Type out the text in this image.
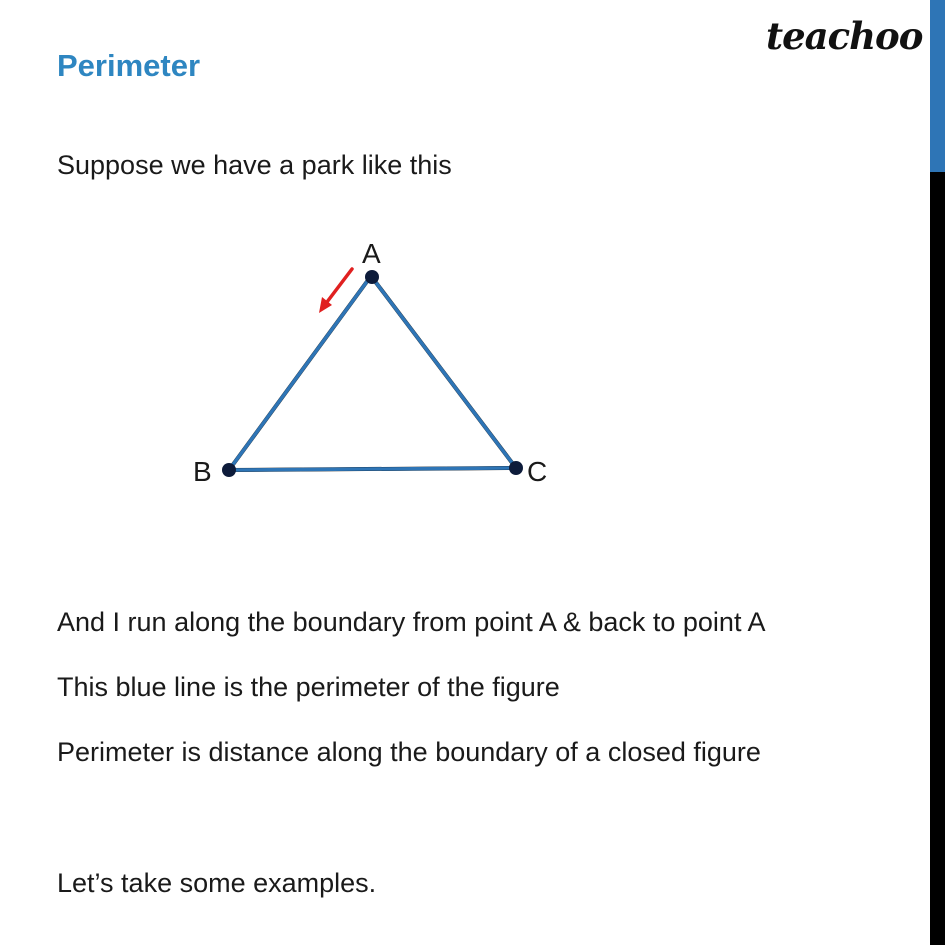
teachoo
Perimeter
Suppose we have a park like this
A
B	C
And I run along the boundary from point A & back to point A
This blue line is the perimeter of the figure
Perimeter is distance along the boundary of a closed figure
Let’s take some examples.
